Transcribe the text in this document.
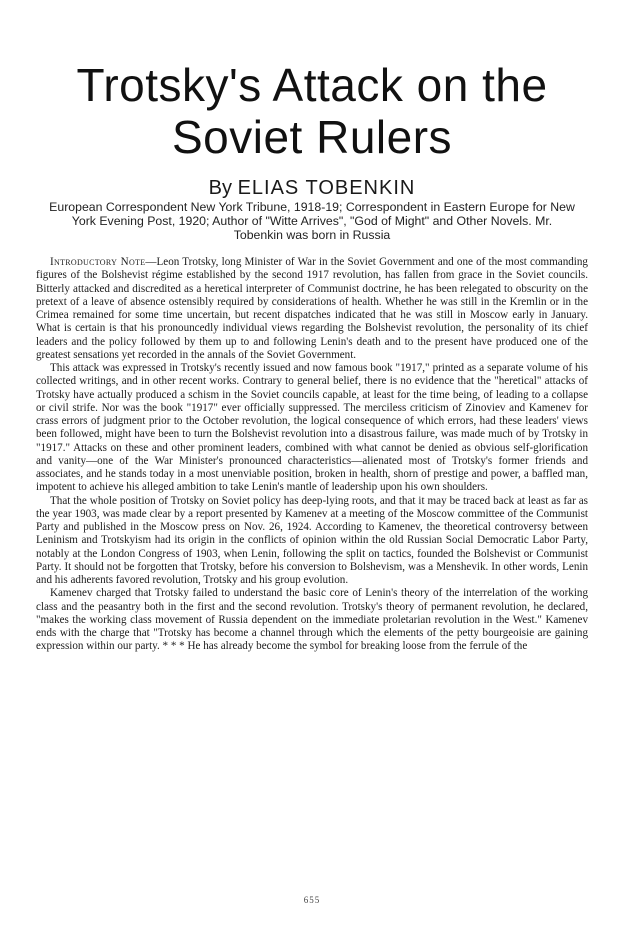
Trotsky's Attack on the
Soviet Rulers
By ELIAS TOBENKIN
European Correspondent New York Tribune, 1918-19; Correspondent in Eastern Europe for New York Evening Post, 1920; Author of "Witte Arrives", "God of Might" and Other Novels. Mr. Tobenkin was born in Russia

Introductory Note—Leon Trotsky, long Minister of War in the Soviet Government and one of the most commanding figures of the Bolshevist régime established by the second 1917 revolution, has fallen from grace in the Soviet councils. Bitterly attacked and discredited as a heretical interpreter of Communist doctrine, he has been relegated to obscurity on the pretext of a leave of absence ostensibly required by considerations of health. Whether he was still in the Kremlin or in the Crimea remained for some time uncertain, but recent dispatches indicated that he was still in Moscow early in January. What is certain is that his pronouncedly individual views regarding the Bolshevist revolution, the personality of its chief leaders and the policy followed by them up to and following Lenin's death and to the present have produced one of the greatest sensations yet recorded in the annals of the Soviet Government.

This attack was expressed in Trotsky's recently issued and now famous book "1917," printed as a separate volume of his collected writings, and in other recent works. Contrary to general belief, there is no evidence that the "heretical" attacks of Trotsky have actually produced a schism in the Soviet councils capable, at least for the time being, of leading to a collapse or civil strife. Nor was the book "1917" ever officially suppressed. The merciless criticism of Zinoviev and Kamenev for crass errors of judgment prior to the October revolution, the logical consequence of which errors, had these leaders' views been followed, might have been to turn the Bolshevist revolution into a disastrous failure, was made much of by Trotsky in "1917." Attacks on these and other prominent leaders, combined with what cannot be denied as obvious self-glorification and vanity—one of the War Minister's pronounced characteristics—alienated most of Trotsky's former friends and associates, and he stands today in a most unenviable position, broken in health, shorn of prestige and power, a baffled man, impotent to achieve his alleged ambition to take Lenin's mantle of leadership upon his own shoulders.

That the whole position of Trotsky on Soviet policy has deep-lying roots, and that it may be traced back at least as far as the year 1903, was made clear by a report presented by Kamenev at a meeting of the Moscow committee of the Communist Party and published in the Moscow press on Nov. 26, 1924. According to Kamenev, the theoretical controversy between Leninism and Trotskyism had its origin in the conflicts of opinion within the old Russian Social Democratic Labor Party, notably at the London Congress of 1903, when Lenin, following the split on tactics, founded the Bolshevist or Communist Party. It should not be forgotten that Trotsky, before his conversion to Bolshevism, was a Menshevik. In other words, Lenin and his adherents favored revolution, Trotsky and his group evolution.

Kamenev charged that Trotsky failed to understand the basic core of Lenin's theory of the interrelation of the working class and the peasantry both in the first and the second revolution. Trotsky's theory of permanent revolution, he declared, "makes the working class movement of Russia dependent on the immediate proletarian revolution in the West." Kamenev ends with the charge that "Trotsky has become a channel through which the elements of the petty bourgeoisie are gaining expression within our party. * * * He has already become the symbol for breaking loose from the ferrule of the

655
